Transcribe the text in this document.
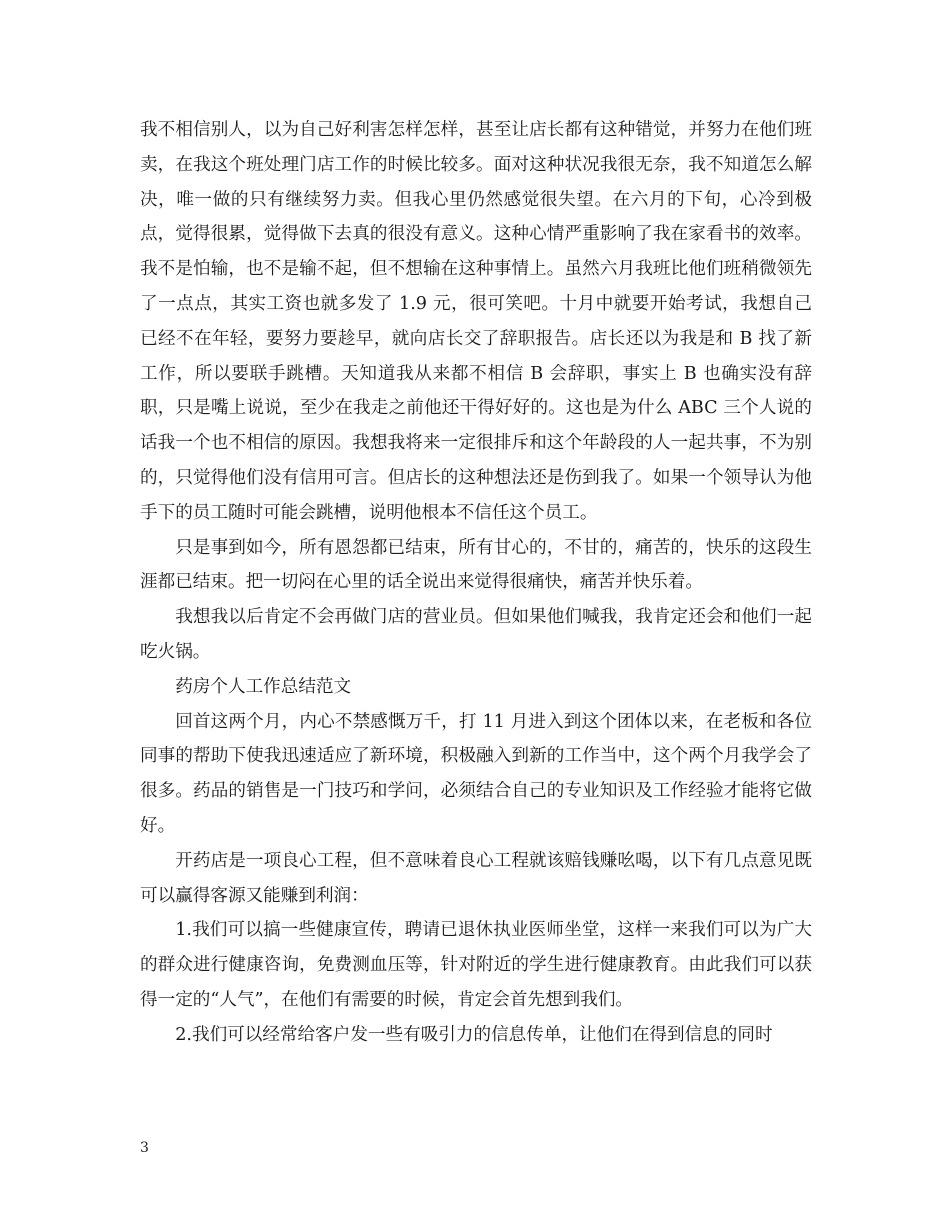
我不相信别人，以为自己好利害怎样怎样，甚至让店长都有这种错觉，并努力在他们班卖，在我这个班处理门店工作的时候比较多。面对这种状况我很无奈，我不知道怎么解决，唯一做的只有继续努力卖。但我心里仍然感觉很失望。在六月的下旬，心冷到极点，觉得很累，觉得做下去真的很没有意义。这种心情严重影响了我在家看书的效率。我不是怕输，也不是输不起，但不想输在这种事情上。虽然六月我班比他们班稍微领先了一点点，其实工资也就多发了 1.9 元，很可笑吧。十月中就要开始考试，我想自己已经不在年轻，要努力要趁早，就向店长交了辞职报告。店长还以为我是和 B 找了新工作，所以要联手跳槽。天知道我从来都不相信 B 会辞职，事实上 B 也确实没有辞职，只是嘴上说说，至少在我走之前他还干得好好的。这也是为什么 ABC 三个人说的话我一个也不相信的原因。我想我将来一定很排斥和这个年龄段的人一起共事，不为别的，只觉得他们没有信用可言。但店长的这种想法还是伤到我了。如果一个领导认为他手下的员工随时可能会跳槽，说明他根本不信任这个员工。

只是事到如今，所有恩怨都已结束，所有甘心的，不甘的，痛苦的，快乐的这段生涯都已结束。把一切闷在心里的话全说出来觉得很痛快，痛苦并快乐着。

我想我以后肯定不会再做门店的营业员。但如果他们喊我，我肯定还会和他们一起吃火锅。

药房个人工作总结范文

回首这两个月，内心不禁感慨万千，打 11 月进入到这个团体以来，在老板和各位同事的帮助下使我迅速适应了新环境，积极融入到新的工作当中，这个两个月我学会了很多。药品的销售是一门技巧和学问，必须结合自己的专业知识及工作经验才能将它做好。

开药店是一项良心工程，但不意味着良心工程就该赔钱赚吆喝，以下有几点意见既可以赢得客源又能赚到利润：

1.我们可以搞一些健康宣传，聘请已退休执业医师坐堂，这样一来我们可以为广大的群众进行健康咨询，免费测血压等，针对附近的学生进行健康教育。由此我们可以获得一定的“人气”，在他们有需要的时候，肯定会首先想到我们。

2.我们可以经常给客户发一些有吸引力的信息传单，让他们在得到信息的同时

3
